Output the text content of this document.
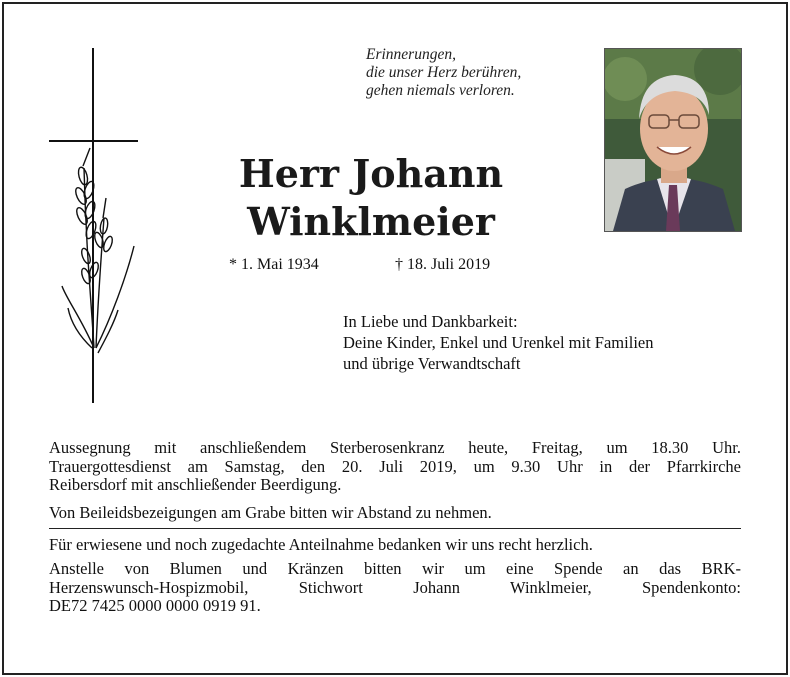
Erinnerungen,
die unser Herz berühren,
gehen niemals verloren.
Herr Johann
Winklmeier
* 1. Mai 1934	† 18. Juli 2019
In Liebe und Dankbarkeit:
Deine Kinder, Enkel und Urenkel mit Familien
und übrige Verwandtschaft
Aussegnung mit anschließendem Sterberosenkranz heute, Freitag, um 18.30 Uhr.
Trauergottesdienst am Samstag, den 20. Juli 2019, um 9.30 Uhr in der Pfarrkirche
Reibersdorf mit anschließender Beerdigung.
Von Beileidsbezeigungen am Grabe bitten wir Abstand zu nehmen.
Für erwiesene und noch zugedachte Anteilnahme bedanken wir uns recht herzlich.
Anstelle von Blumen und Kränzen bitten wir um eine Spende an das BRK-
Herzenswunsch-Hospizmobil, Stichwort Johann Winklmeier, Spendenkonto:
DE72 7425 0000 0000 0919 91.
